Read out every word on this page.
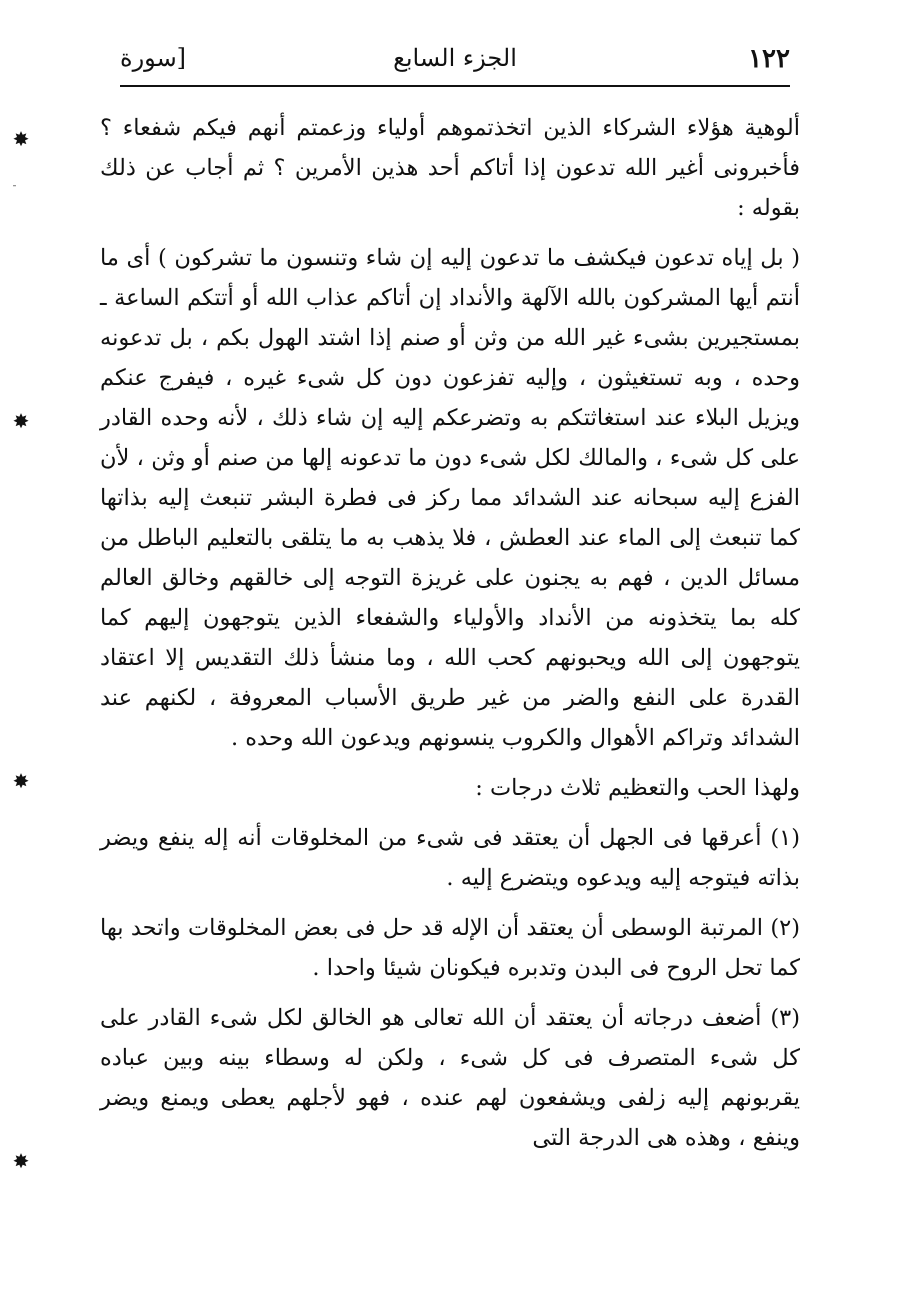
١٢٢
الجزء السابع
[سورة

ألوهية هؤلاء الشركاء الذين اتخذتموهم أولياء وزعمتم أنهم فيكم شفعاء ؟ فأخبرونى أغير الله تدعون إذا أتاكم أحد هذين الأمرين ؟ ثم أجاب عن ذلك بقوله :

( بل إياه تدعون فيكشف ما تدعون إليه إن شاء وتنسون ما تشركون ) أى ما أنتم أيها المشركون بالله الآلهة والأنداد إن أتاكم عذاب الله أو أتتكم الساعة ـ بمستجيرين بشىء غير الله من وثن أو صنم إذا اشتد الهول بكم ، بل تدعونه وحده ، وبه تستغيثون ، وإليه تفزعون دون كل شىء غيره ، فيفرج عنكم ويزيل البلاء عند استغاثتكم به وتضرعكم إليه إن شاء ذلك ، لأنه وحده القادر على كل شىء ، والمالك لكل شىء دون ما تدعونه إلها من صنم أو وثن ، لأن الفزع إليه سبحانه عند الشدائد مما ركز فى فطرة البشر تنبعث إليه بذاتها كما تنبعث إلى الماء عند العطش ، فلا يذهب به ما يتلقى بالتعليم الباطل من مسائل الدين ، فهم به يجنون على غريزة التوجه إلى خالقهم وخالق العالم كله بما يتخذونه من الأنداد والأولياء والشفعاء الذين يتوجهون إليهم كما يتوجهون إلى الله ويحبونهم كحب الله ، وما منشأ ذلك التقديس إلا اعتقاد القدرة على النفع والضر من غير طريق الأسباب المعروفة ، لكنهم عند الشدائد وتراكم الأهوال والكروب ينسونهم ويدعون الله وحده .

ولهذا الحب والتعظيم ثلاث درجات :

(١) أعرقها فى الجهل أن يعتقد فى شىء من المخلوقات أنه إله ينفع ويضر بذاته فيتوجه إليه ويدعوه ويتضرع إليه .

(٢) المرتبة الوسطى أن يعتقد أن الإله قد حل فى بعض المخلوقات واتحد بها كما تحل الروح فى البدن وتدبره فيكونان شيئا واحدا .

(٣) أضعف درجاته أن يعتقد أن الله تعالى هو الخالق لكل شىء القادر على كل شىء المتصرف فى كل شىء ، ولكن له وسطاء بينه وبين عباده يقربونهم إليه زلفى ويشفعون لهم عنده ، فهو لأجلهم يعطى ويمنع ويضر وينفع ، وهذه هى الدرجة التى

✸
ˉ
✸
✸
✸
